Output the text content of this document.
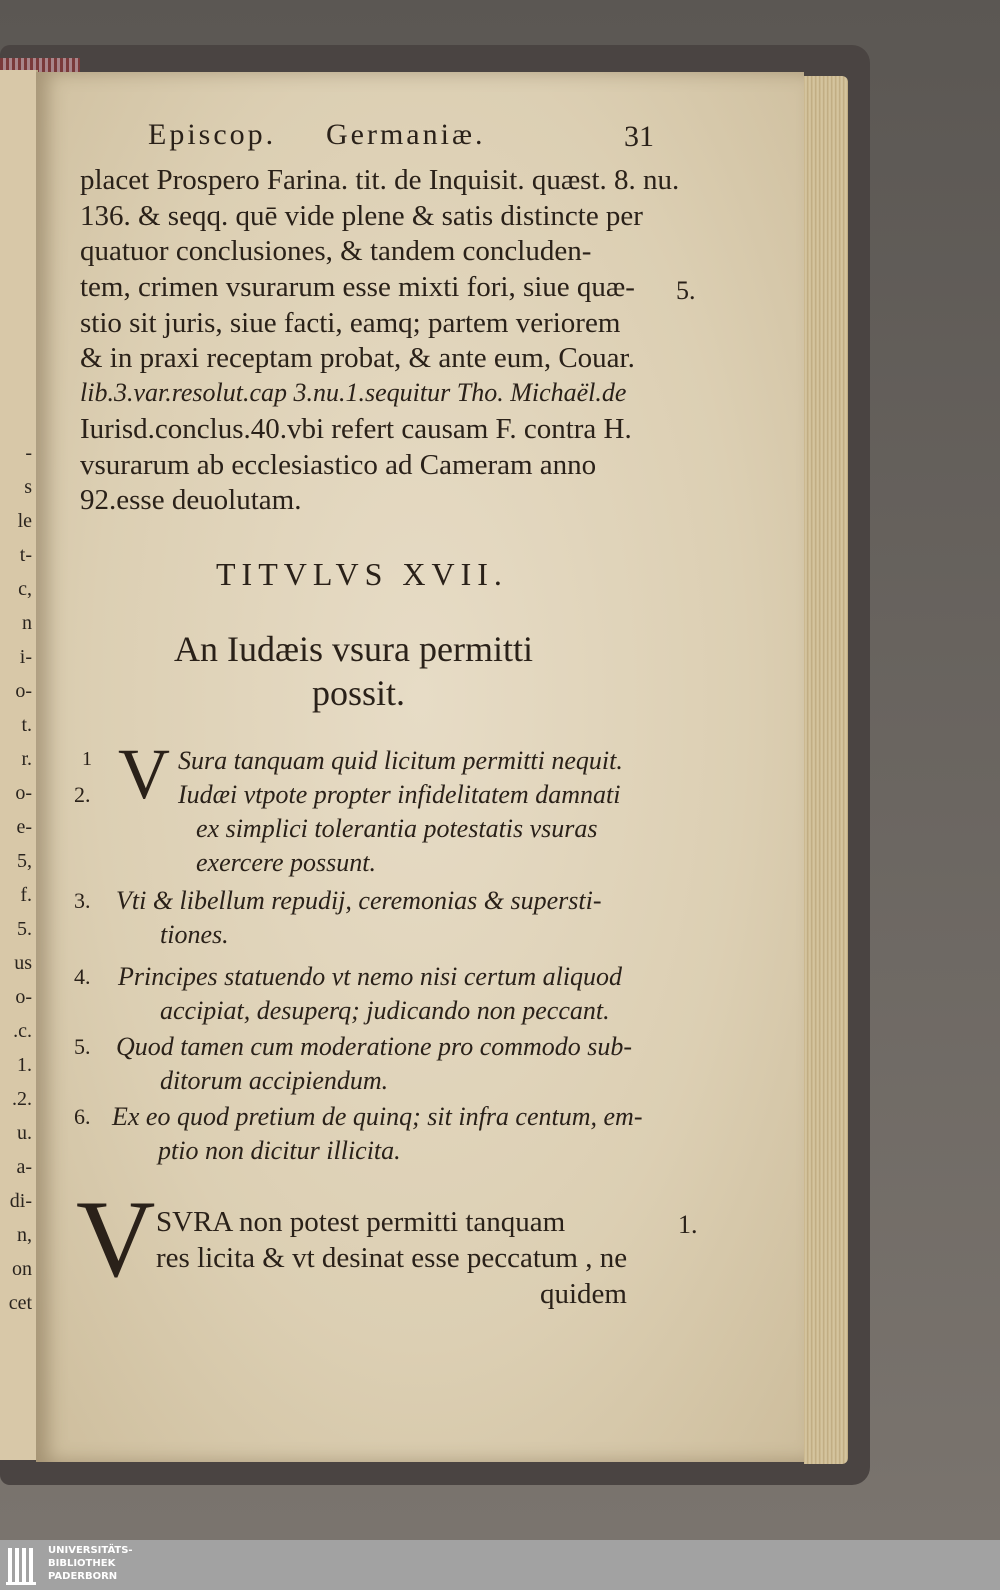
-
s
le
t-
c,
n
i-
o-
t.
r.
o-
e-
5,
f.
5.
us
o-
.c.
1.
.2.
u.
a-
di-
n,
on
cet
Episcop. Germaniæ.	31
placet Prospero Farina. tit. de Inquisit. quæst. 8. nu.
136. & seqq. quē vide plene & satis distincte per
quatuor conclusiones, & tandem concluden-
tem, crimen vsurarum esse mixti fori, siue quæ-
stio sit juris, siue facti, eamq; partem veriorem
& in praxi receptam probat, & ante eum, Couar.
lib.3.var.resolut.cap 3.nu.1.sequitur Tho. Michaël.de
Iurisd.conclus.40.vbi refert causam F. contra H.
vsurarum ab ecclesiastico ad Cameram anno
92.esse deuolutam.
5.
TITVLVS XVII.
An Iudæis vsura permitti
possit.
V
1	Sura tanquam quid licitum permitti nequit.
2.	Iudæi vtpote propter infidelitatem damnati
ex simplici tolerantia potestatis vsuras
exercere possunt.
3. Vti & libellum repudij, ceremonias & supersti-
tiones.
4. Principes statuendo vt nemo nisi certum aliquod
accipiat, desuperq; judicando non peccant.
5. Quod tamen cum moderatione pro commodo sub-
ditorum accipiendum.
6. Ex eo quod pretium de quinq; sit infra centum, em-
ptio non dicitur illicita.
V SVRA non potest permitti tanquam
res licita & vt desinat esse peccatum , ne
quidem
1.
UNIVERSITÄTS-
BIBLIOTHEK
PADERBORN
